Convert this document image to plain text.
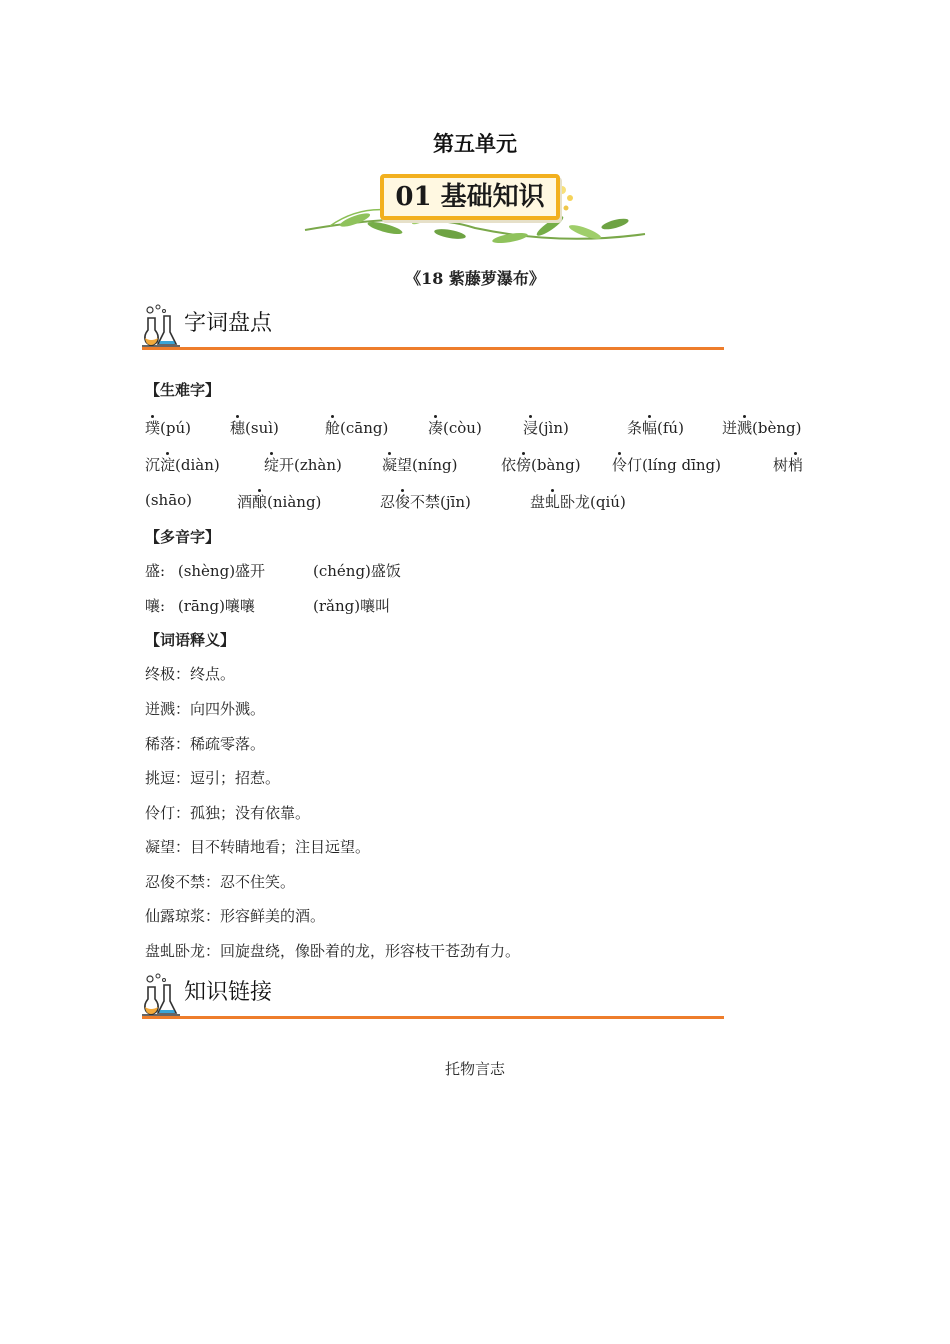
第五单元
01 基础知识
《18 紫藤萝瀑布》
字词盘点
【生难字】
璞(pú)	穗(suì)	舱(cāng)	凑(còu)	浸(jìn)	条幅(fú)	迸溅(bèng)
沉淀(diàn)	绽开(zhàn)	凝望(níng)	依傍(bàng) 伶仃(líng dīng)	树梢
(shāo)	酒酿(niàng)	忍俊不禁(jīn)	盘虬卧龙(qiú)
【多音字】
盛: (shèng)盛开	(chéng)盛饭
嚷: (rāng)嚷嚷	(rǎng)嚷叫
【词语释义】
终极：终点。
迸溅：向四外溅。
稀落：稀疏零落。
挑逗：逗引；招惹。
伶仃：孤独；没有依靠。
凝望：目不转睛地看；注目远望。
忍俊不禁：忍不住笑。
仙露琼浆：形容鲜美的酒。
盘虬卧龙：回旋盘绕，像卧着的龙，形容枝干苍劲有力。
知识链接
托物言志
